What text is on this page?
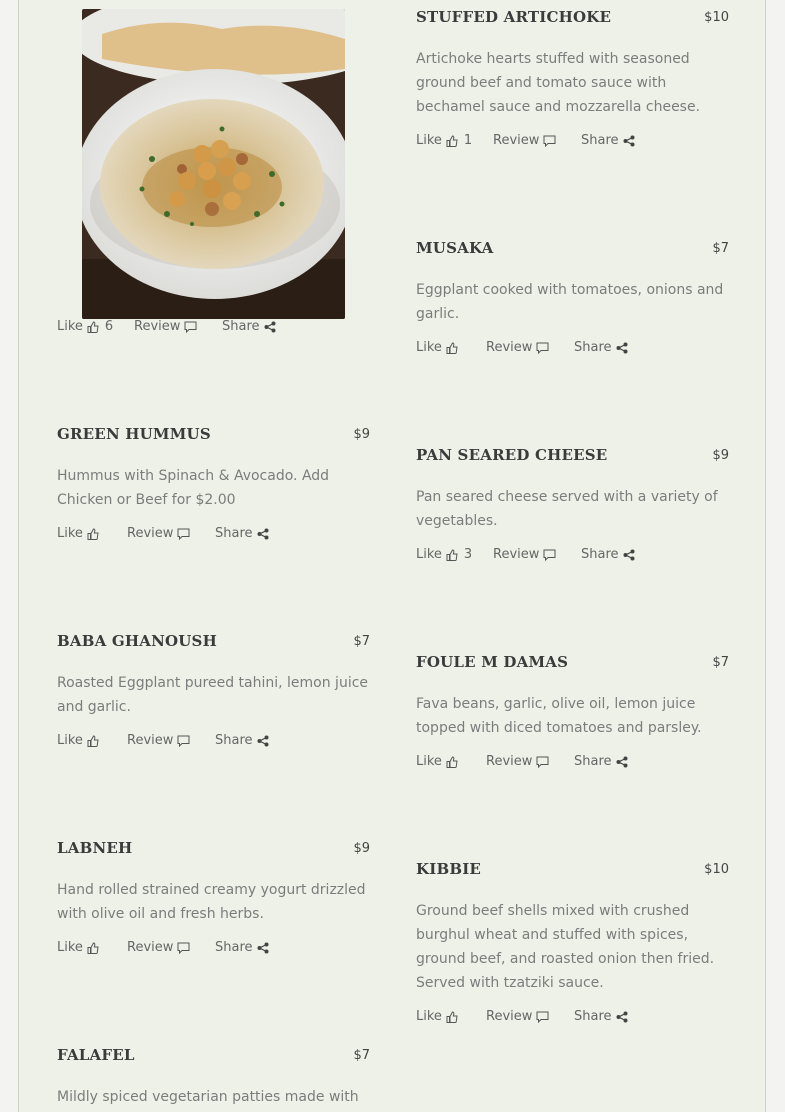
Like 6 Review	Share
STUFFED ARTICHOKE	$10
Artichoke hearts stuffed with seasoned ground beef and tomato sauce with bechamel sauce and mozzarella cheese.
Like 1 Review	Share
MUSAKA	$7
Eggplant cooked with tomatoes, onions and garlic.
Like	Review	Share
GREEN HUMMUS	$9
Hummus with Spinach & Avocado. Add Chicken or Beef for $2.00
Like	Review	Share
PAN SEARED CHEESE	$9
Pan seared cheese served with a variety of vegetables.
Like 3 Review	Share
BABA GHANOUSH	$7
Roasted Eggplant pureed tahini, lemon juice and garlic.
Like	Review	Share
FOULE M DAMAS	$7
Fava beans, garlic, olive oil, lemon juice topped with diced tomatoes and parsley.
Like	Review	Share
LABNEH	$9
Hand rolled strained creamy yogurt drizzled with olive oil and fresh herbs.
Like	Review	Share
KIBBIE	$10
Ground beef shells mixed with crushed burghul wheat and stuffed with spices, ground beef, and roasted onion then fried. Served with tzatziki sauce.
Like	Review	Share
FALAFEL	$7
Mildly spiced vegetarian patties made with
